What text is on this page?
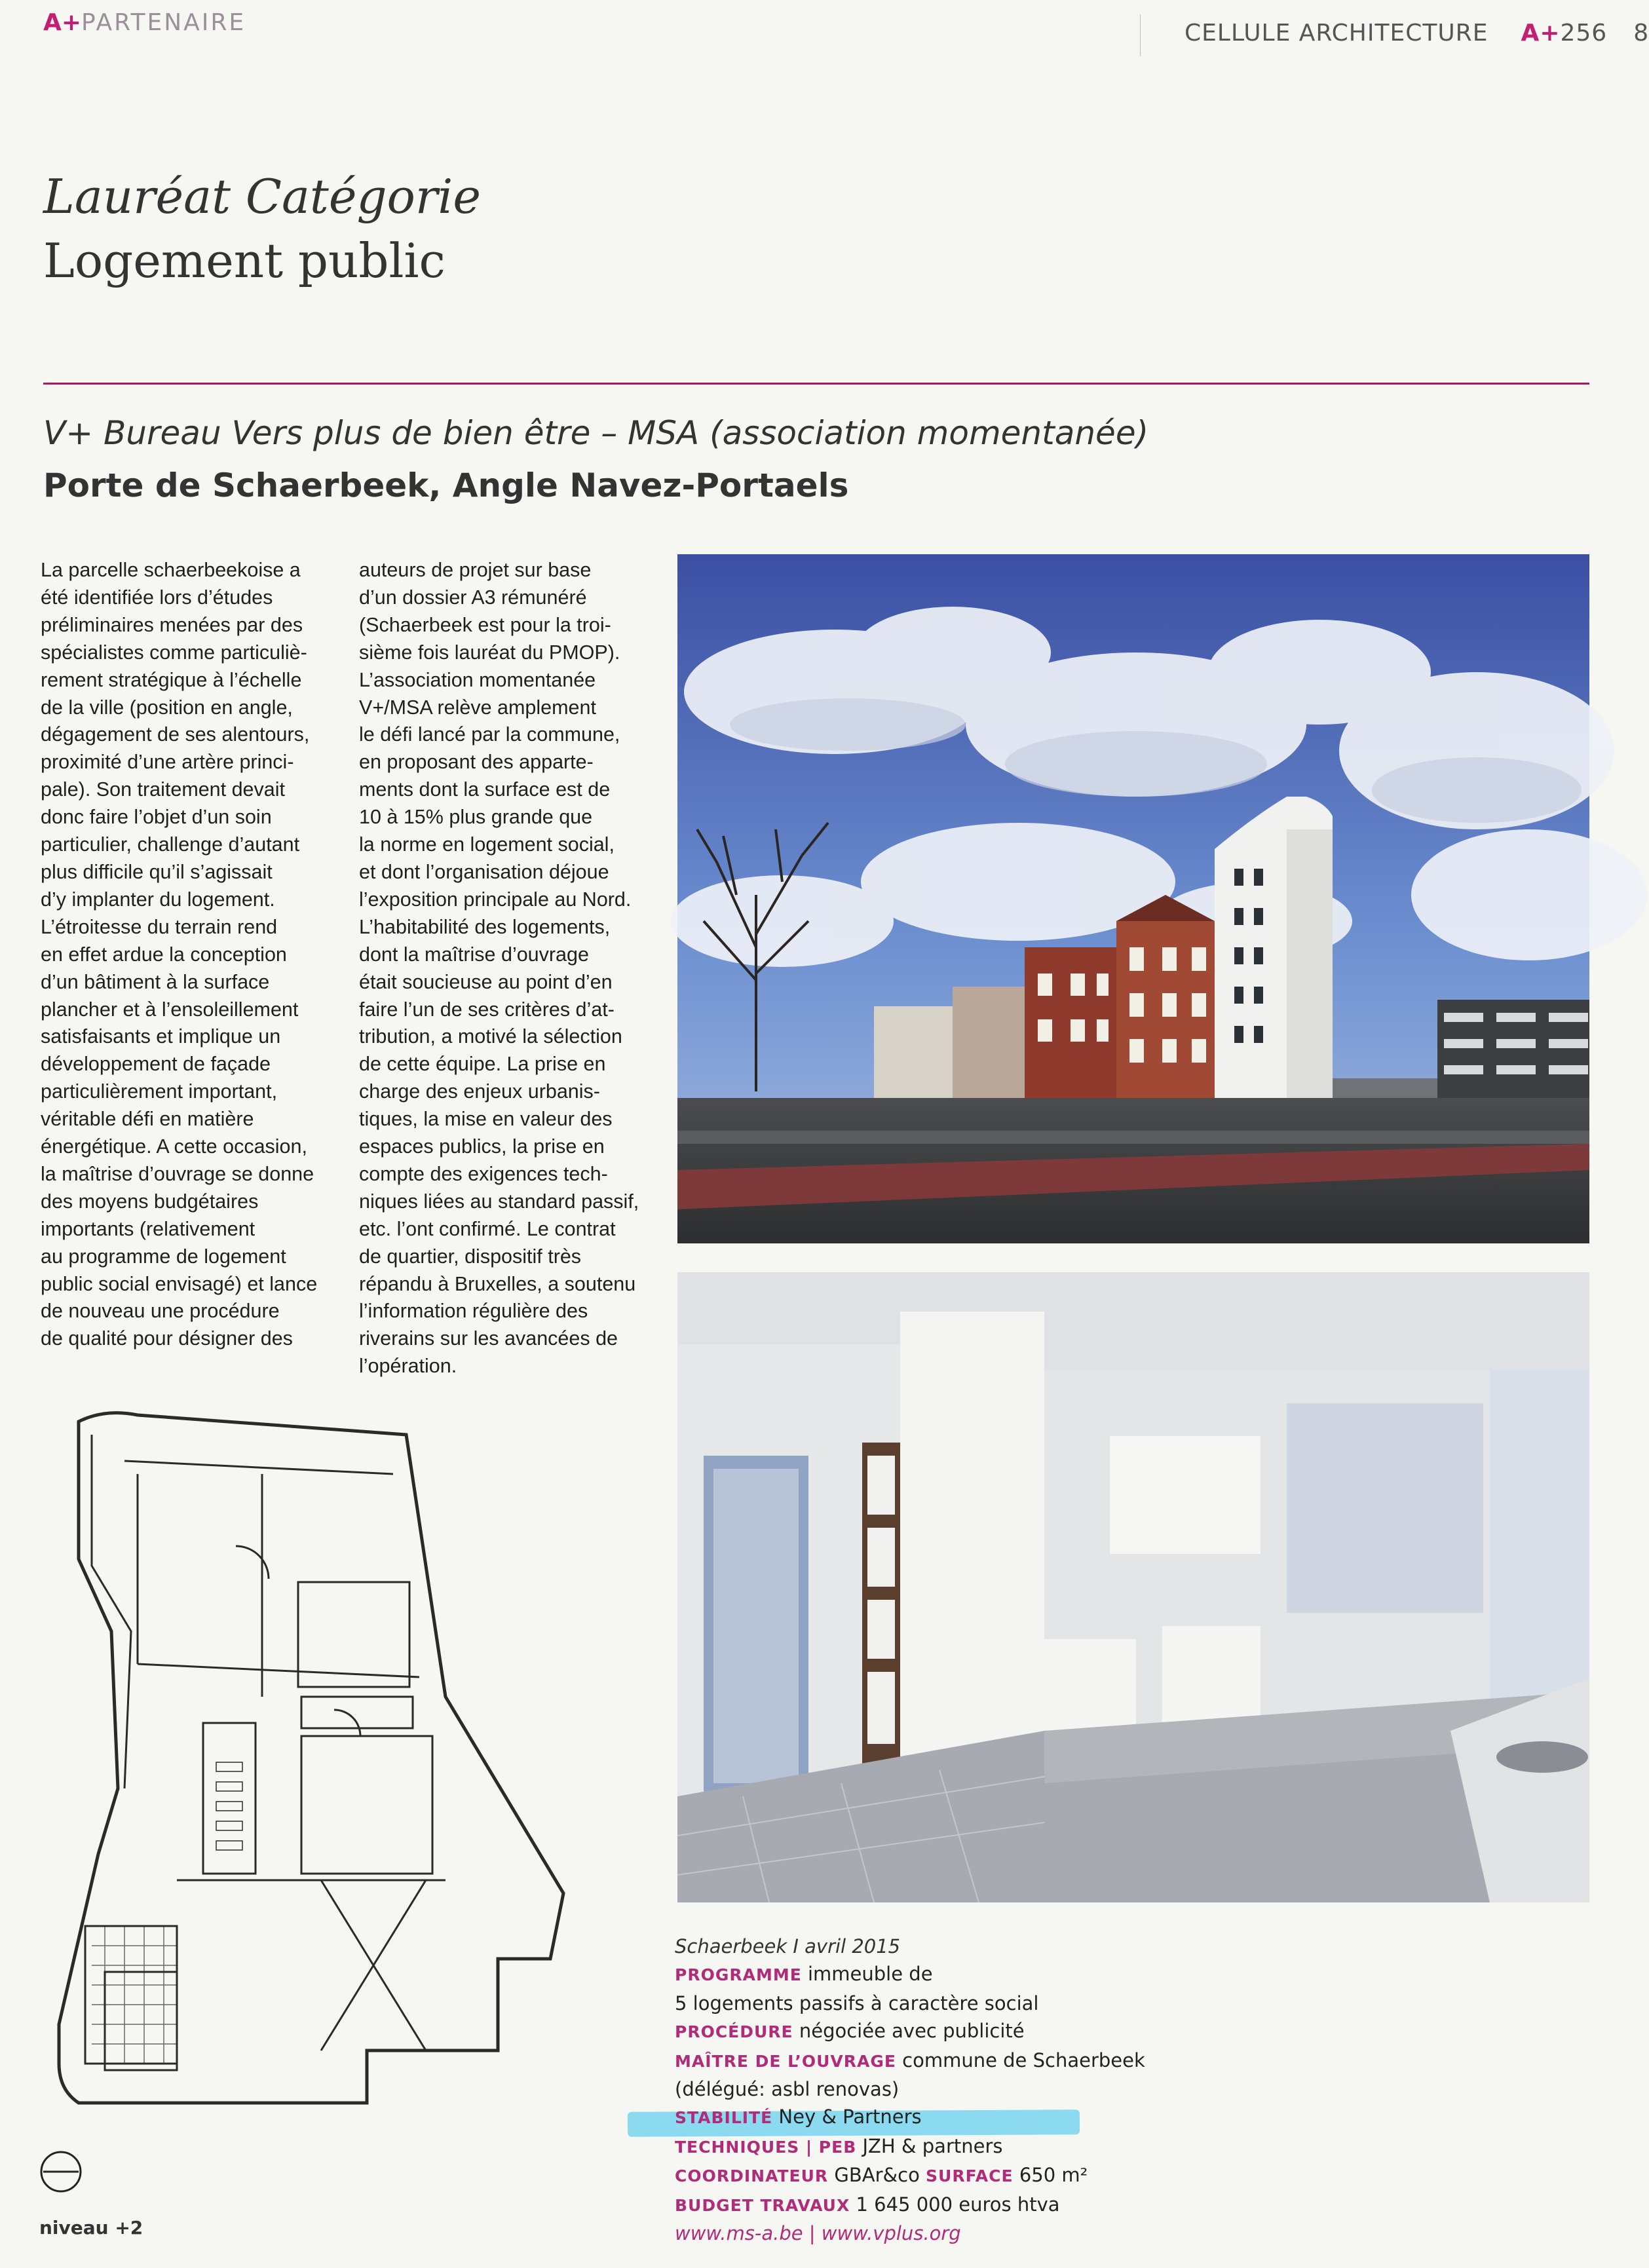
A+PARTENAIRE	CELLULE ARCHITECTURE A+256 8
Lauréat Catégorie
Logement public
V+ Bureau Vers plus de bien être – MSA (association momentanée)
Porte de Schaerbeek, Angle Navez-Portaels
La parcelle schaerbeekoise a
été identifiée lors d’études
préliminaires menées par des
spécialistes comme particuliè-
rement stratégique à l’échelle
de la ville (position en angle,
dégagement de ses alentours,
proximité d’une artère princi-
pale). Son traitement devait
donc faire l’objet d’un soin
particulier, challenge d’autant
plus difficile qu’il s’agissait
d’y implanter du logement.
L’étroitesse du terrain rend
en effet ardue la conception
d’un bâtiment à la surface
plancher et à l’ensoleillement
satisfaisants et implique un
développement de façade
particulièrement important,
véritable défi en matière
énergétique. A cette occasion,
la maîtrise d’ouvrage se donne
des moyens budgétaires
importants (relativement
au programme de logement
public social envisagé) et lance
de nouveau une procédure
de qualité pour désigner des
auteurs de projet sur base
d’un dossier A3 rémunéré
(Schaerbeek est pour la troi-
sième fois lauréat du PMOP).
L’association momentanée
V+/MSA relève amplement
le défi lancé par la commune,
en proposant des apparte-
ments dont la surface est de
10 à 15% plus grande que
la norme en logement social,
et dont l’organisation déjoue
l’exposition principale au Nord.
L’habitabilité des logements,
dont la maîtrise d’ouvrage
était soucieuse au point d’en
faire l’un de ses critères d’at-
tribution, a motivé la sélection
de cette équipe. La prise en
charge des enjeux urbanis-
tiques, la mise en valeur des
espaces publics, la prise en
compte des exigences tech-
niques liées au standard passif,
etc. l’ont confirmé. Le contrat
de quartier, dispositif très
répandu à Bruxelles, a soutenu
l’information régulière des
riverains sur les avancées de
l’opération.
niveau +2
Schaerbeek I avril 2015
PROGRAMME immeuble de
5 logements passifs à caractère social
PROCÉDURE négociée avec publicité
MAÎTRE DE L’OUVRAGE commune de Schaerbeek
(délégué: asbl renovas)
STABILITÉ Ney & Partners
TECHNIQUES | PEB JZH & partners
COORDINATEUR GBAr&co SURFACE 650 m²
BUDGET TRAVAUX 1 645 000 euros htva
www.ms-a.be | www.vplus.org
